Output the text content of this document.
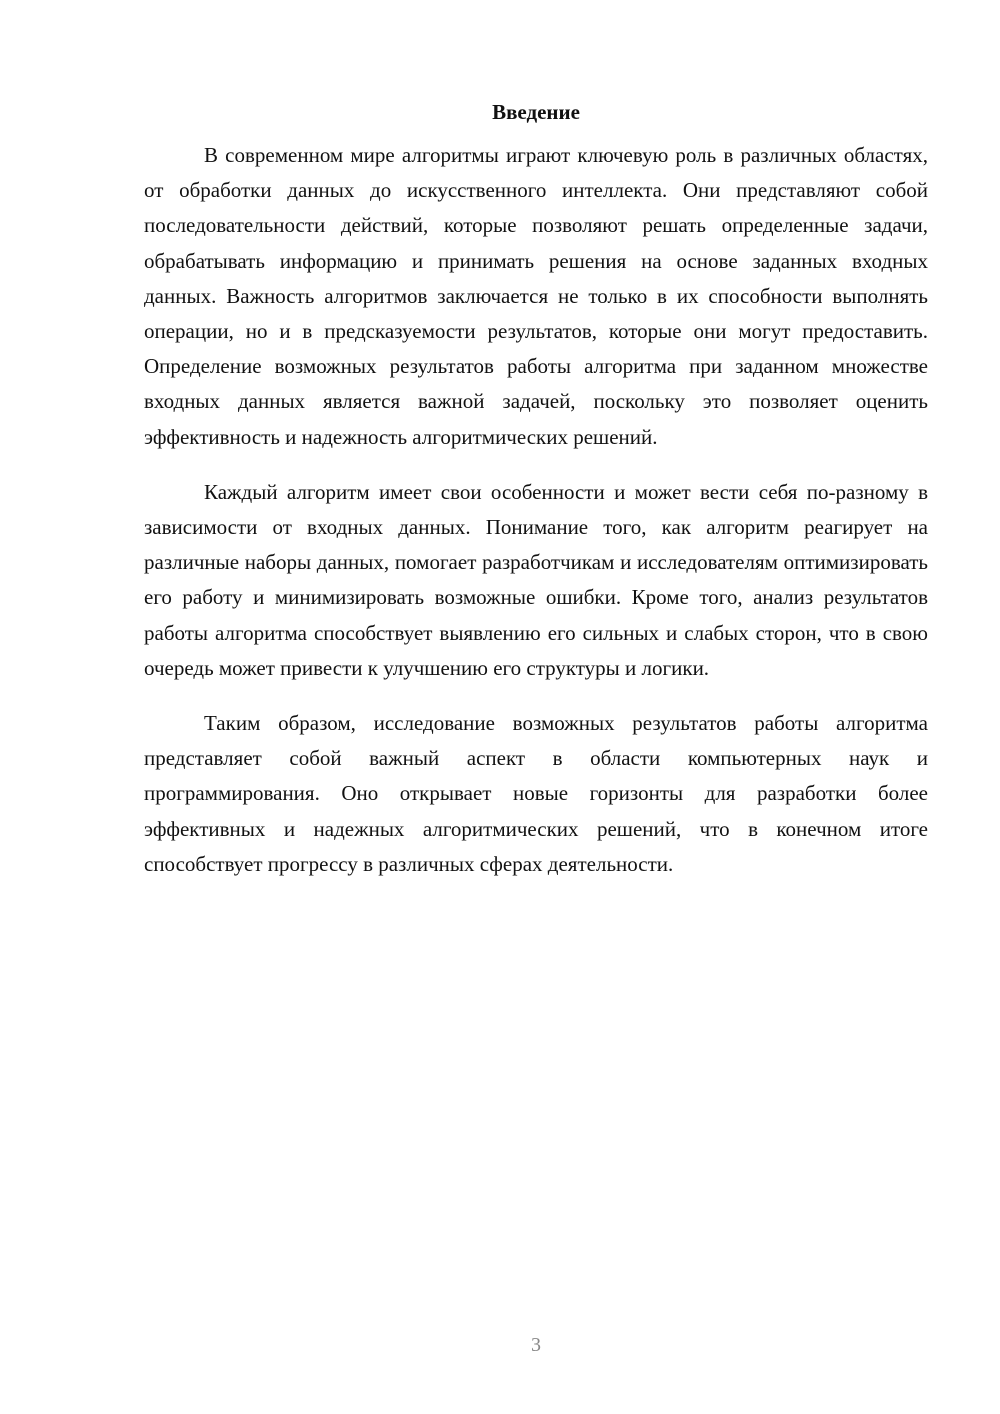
Введение

В современном мире алгоритмы играют ключевую роль в различных областях, от обработки данных до искусственного интеллекта. Они представляют собой последовательности действий, которые позволяют решать определенные задачи, обрабатывать информацию и принимать решения на основе заданных входных данных. Важность алгоритмов заключается не только в их способности выполнять операции, но и в предсказуемости результатов, которые они могут предоставить. Определение возможных результатов работы алгоритма при заданном множестве входных данных является важной задачей, поскольку это позволяет оценить эффективность и надежность алгоритмических решений.

Каждый алгоритм имеет свои особенности и может вести себя по-разному в зависимости от входных данных. Понимание того, как алгоритм реагирует на различные наборы данных, помогает разработчикам и исследователям оптимизировать его работу и минимизировать возможные ошибки. Кроме того, анализ результатов работы алгоритма способствует выявлению его сильных и слабых сторон, что в свою очередь может привести к улучшению его структуры и логики.

Таким образом, исследование возможных результатов работы алгоритма представляет собой важный аспект в области компьютерных наук и программирования. Оно открывает новые горизонты для разработки более эффективных и надежных алгоритмических решений, что в конечном итоге способствует прогрессу в различных сферах деятельности.

3
